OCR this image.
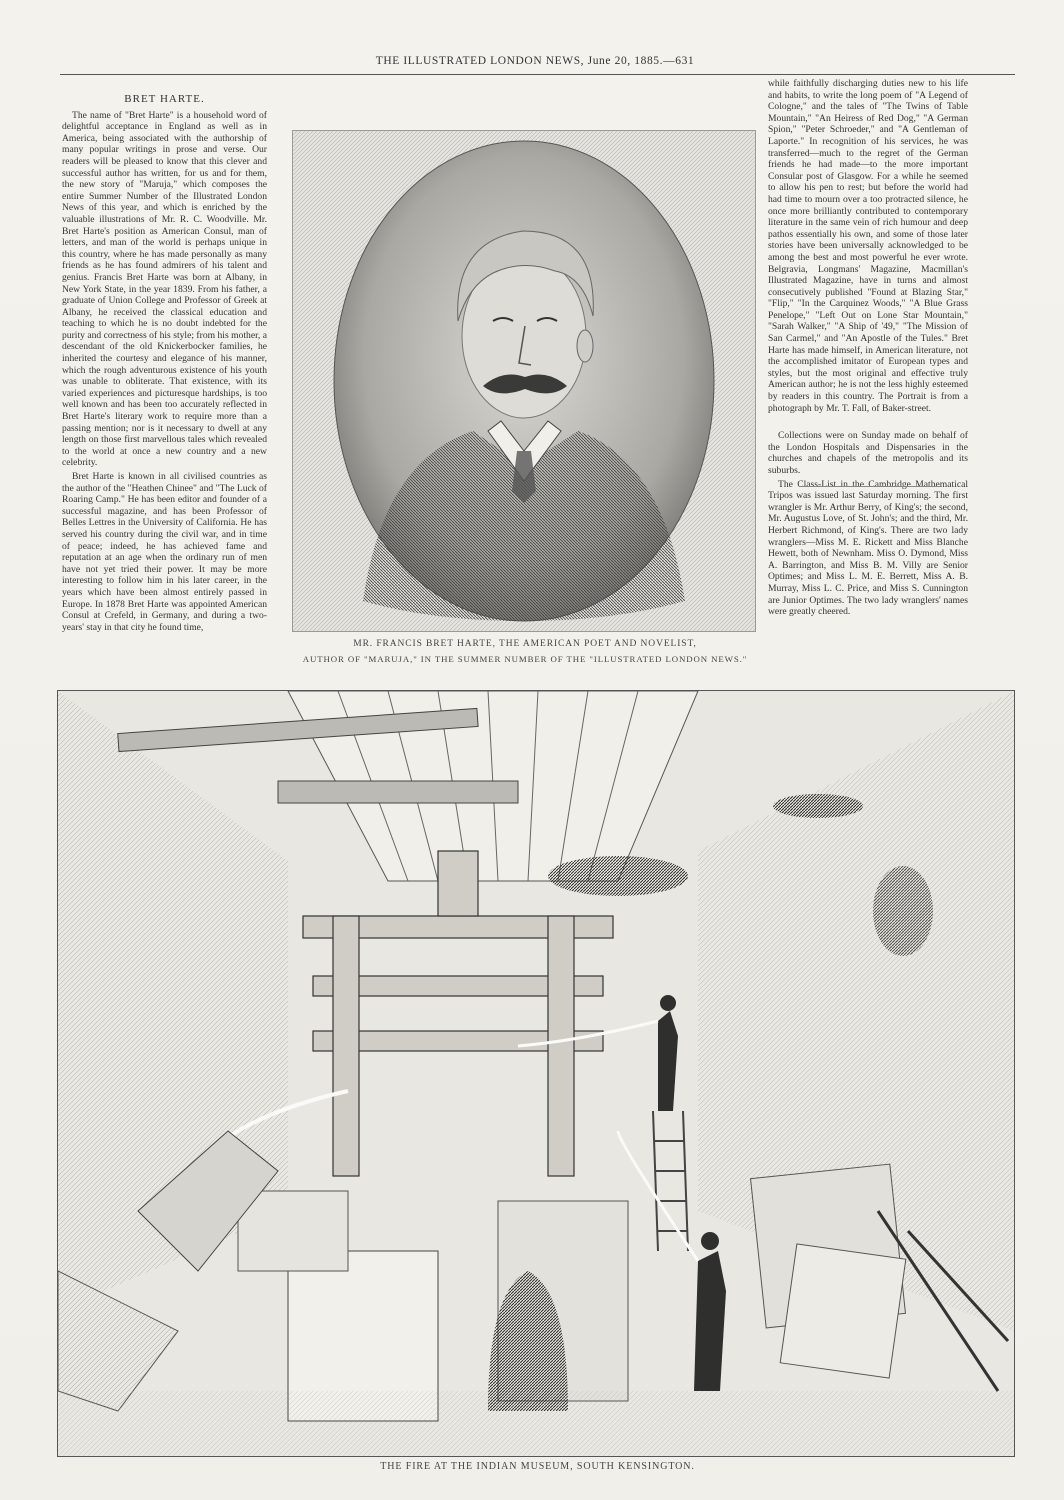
THE ILLUSTRATED LONDON NEWS, June 20, 1885.—631

BRET HARTE.

The name of "Bret Harte" is a household word of delightful acceptance in England as well as in America, being associated with the authorship of many popular writings in prose and verse. Our readers will be pleased to know that this clever and successful author has written, for us and for them, the new story of "Maruja," which composes the entire Summer Number of the Illustrated London News of this year, and which is enriched by the valuable illustrations of Mr. R. C. Woodville. Mr. Bret Harte's position as American Consul, man of letters, and man of the world is perhaps unique in this country, where he has made personally as many friends as he has found admirers of his talent and genius. Francis Bret Harte was born at Albany, in New York State, in the year 1839. From his father, a graduate of Union College and Professor of Greek at Albany, he received the classical education and teaching to which he is no doubt indebted for the purity and correctness of his style; from his mother, a descendant of the old Knickerbocker families, he inherited the courtesy and elegance of his manner, which the rough adventurous existence of his youth was unable to obliterate. That existence, with its varied experiences and picturesque hardships, is too well known and has been too accurately reflected in Bret Harte's literary work to require more than a passing mention; nor is it necessary to dwell at any length on those first marvellous tales which revealed to the world at once a new country and a new celebrity.

Bret Harte is known in all civilised countries as the author of the "Heathen Chinee" and "The Luck of Roaring Camp." He has been editor and founder of a successful magazine, and has been Professor of Belles Lettres in the University of California. He has served his country during the civil war, and in time of peace; indeed, he has achieved fame and reputation at an age when the ordinary run of men have not yet tried their power. It may be more interesting to follow him in his later career, in the years which have been almost entirely passed in Europe. In 1878 Bret Harte was appointed American Consul at Crefeld, in Germany, and during a two-years' stay in that city he found time,

MR. FRANCIS BRET HARTE, THE AMERICAN POET AND NOVELIST,
AUTHOR OF "MARUJA," IN THE SUMMER NUMBER OF THE "ILLUSTRATED LONDON NEWS."

while faithfully discharging duties new to his life and habits, to write the long poem of "A Legend of Cologne," and the tales of "The Twins of Table Mountain," "An Heiress of Red Dog," "A German Spion," "Peter Schroeder," and "A Gentleman of Laporte." In recognition of his services, he was transferred—much to the regret of the German friends he had made—to the more important Consular post of Glasgow. For a while he seemed to allow his pen to rest; but before the world had had time to mourn over a too protracted silence, he once more brilliantly contributed to contemporary literature in the same vein of rich humour and deep pathos essentially his own, and some of those later stories have been universally acknowledged to be among the best and most powerful he ever wrote. Belgravia, Longmans' Magazine, Macmillan's Illustrated Magazine, have in turns and almost consecutively published "Found at Blazing Star," "Flip," "In the Carquinez Woods," "A Blue Grass Penelope," "Left Out on Lone Star Mountain," "Sarah Walker," "A Ship of '49," "The Mission of San Carmel," and "An Apostle of the Tules." Bret Harte has made himself, in American literature, not the accomplished imitator of European types and styles, but the most original and effective truly American author; he is not the less highly esteemed by readers in this country. The Portrait is from a photograph by Mr. T. Fall, of Baker-street.

Collections were on Sunday made on behalf of the London Hospitals and Dispensaries in the churches and chapels of the metropolis and its suburbs.

The Class-List in the Cambridge Mathematical Tripos was issued last Saturday morning. The first wrangler is Mr. Arthur Berry, of King's; the second, Mr. Augustus Love, of St. John's; and the third, Mr. Herbert Richmond, of King's. There are two lady wranglers—Miss M. E. Rickett and Miss Blanche Hewett, both of Newnham. Miss O. Dymond, Miss A. Barrington, and Miss B. M. Villy are Senior Optimes; and Miss L. M. E. Berrett, Miss A. B. Murray, Miss L. C. Price, and Miss S. Cunnington are Junior Optimes. The two lady wranglers' names were greatly cheered.

THE FIRE AT THE INDIAN MUSEUM, SOUTH KENSINGTON.
